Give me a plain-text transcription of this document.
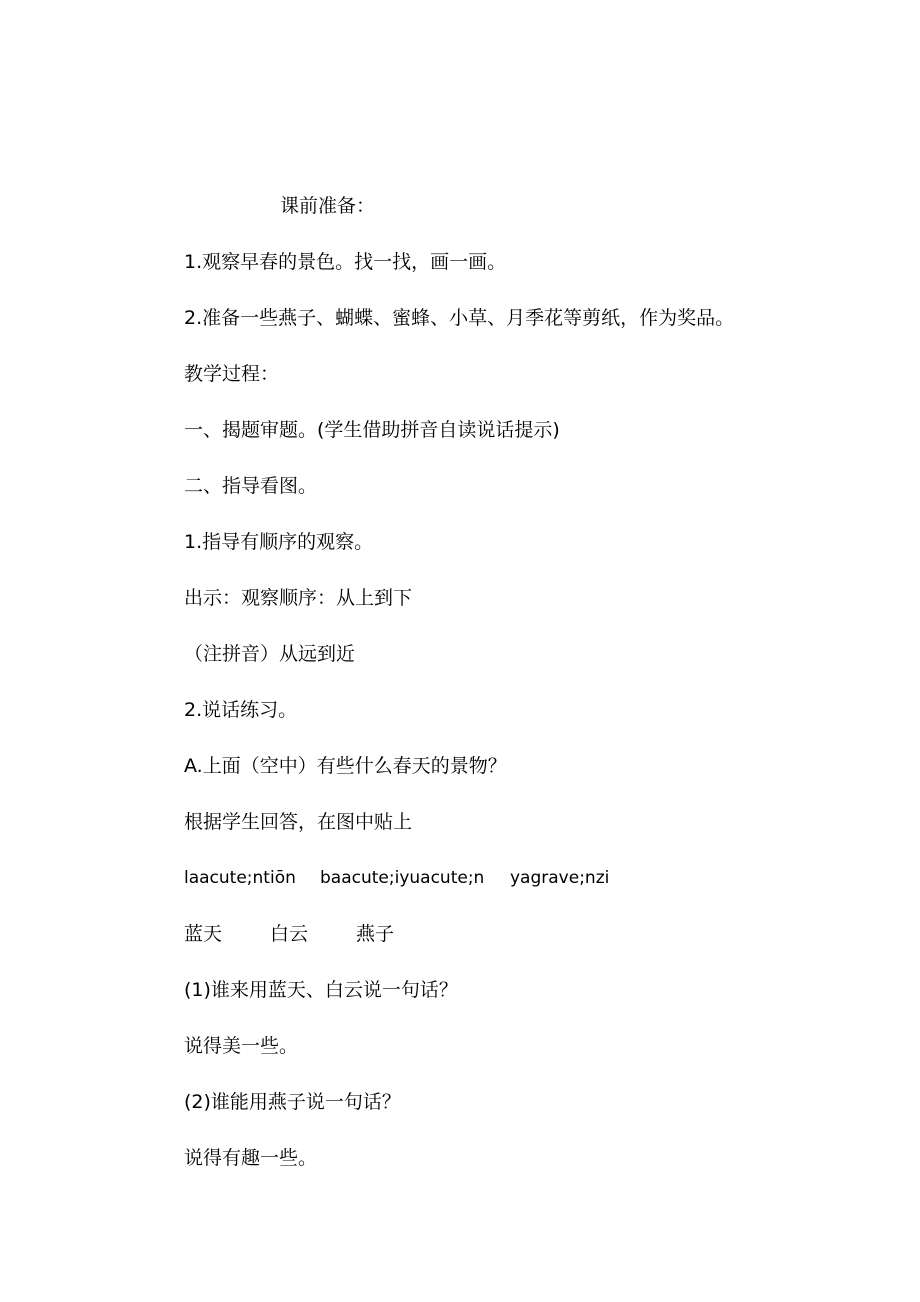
课前准备：
1.观察早春的景色。找一找，画一画。
2.准备一些燕子、蝴蝶、蜜蜂、小草、月季花等剪纸，作为奖品。
教学过程：
一、揭题审题。(学生借助拼音自读说话提示)
二、指导看图。
1.指导有顺序的观察。
出示：观察顺序：从上到下
（注拼音）从远到近
2.说话练习。
A.上面（空中）有些什么春天的景物？
根据学生回答，在图中贴上
laacute;ntiōn baacute;iyuacute;n yagrave;nzi
蓝天	白云	燕子
(1)谁来用蓝天、白云说一句话？
说得美一些。
(2)谁能用燕子说一句话？
说得有趣一些。
